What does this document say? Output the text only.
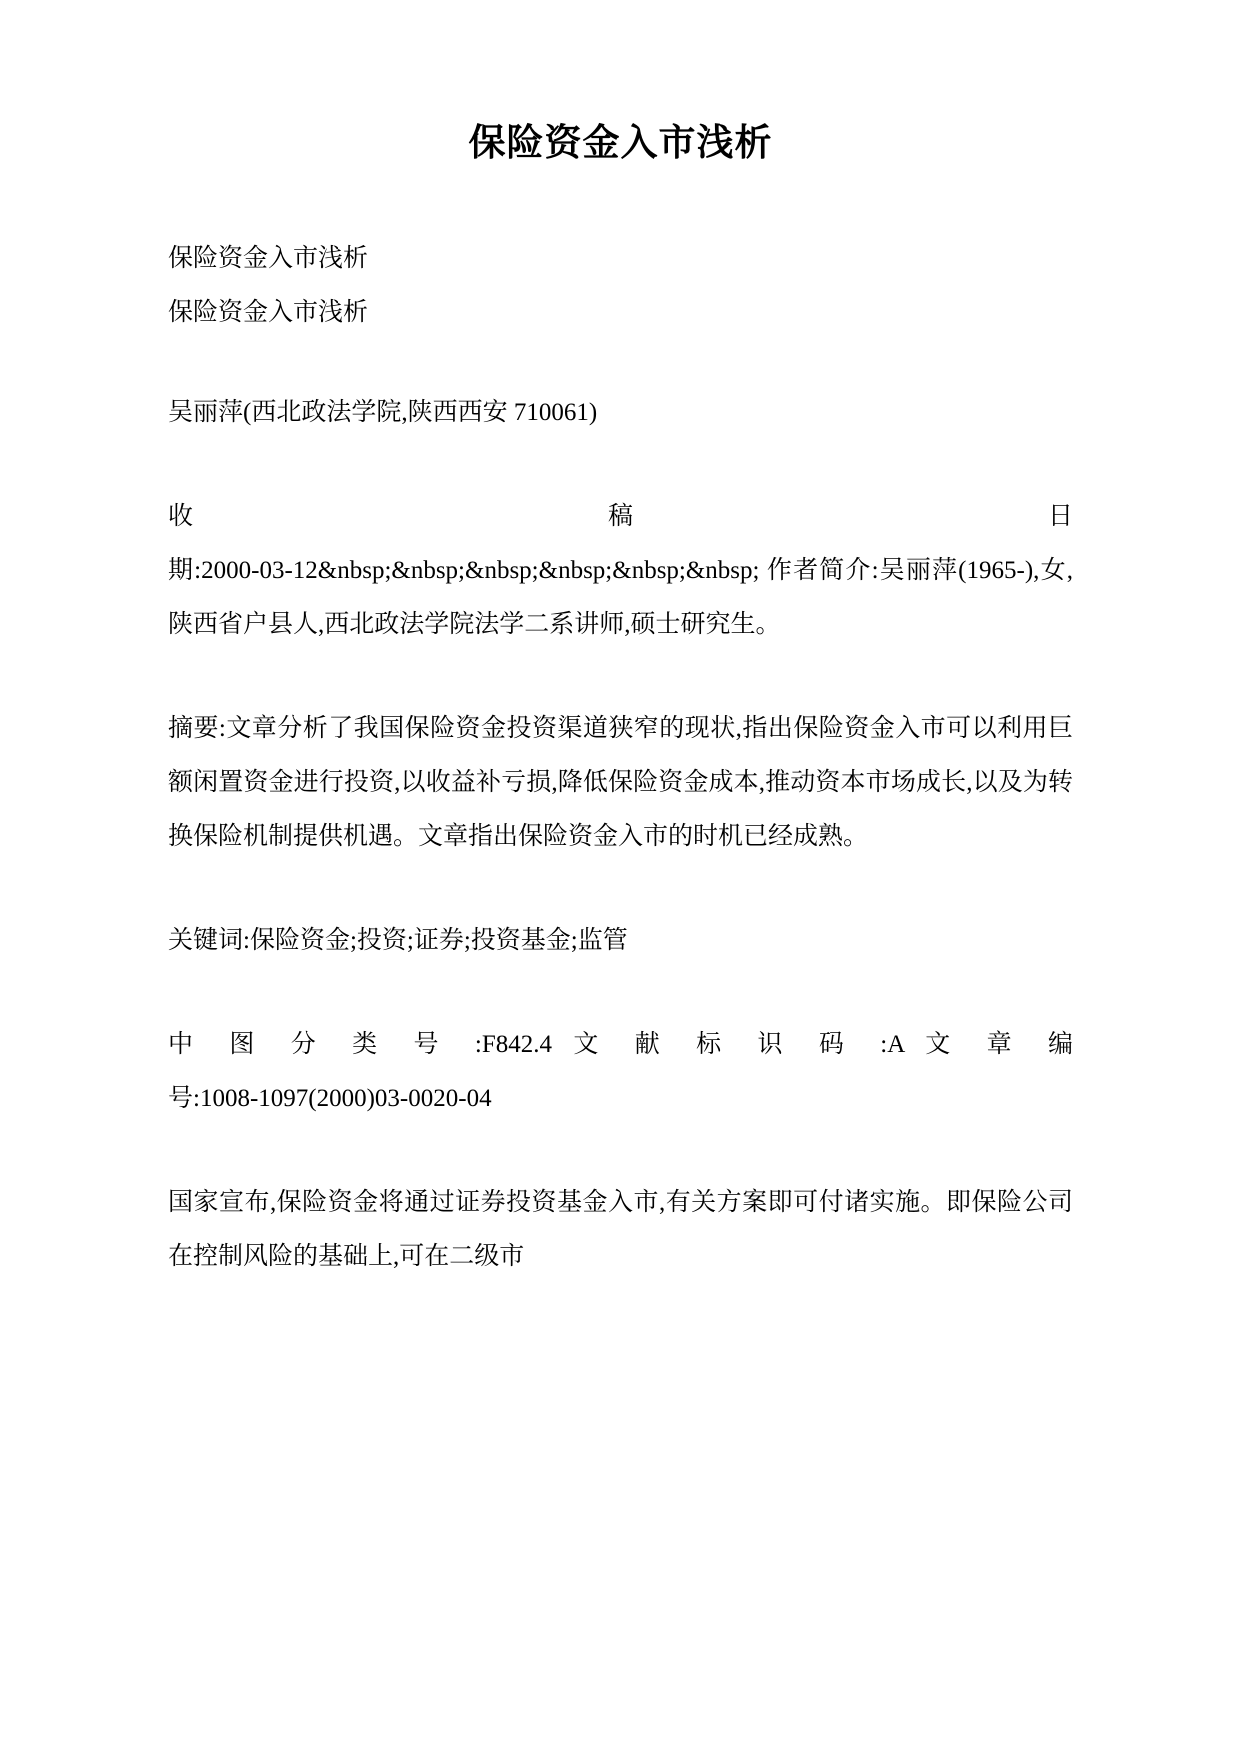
保险资金入市浅析

保险资金入市浅析

保险资金入市浅析

吴丽萍(西北政法学院,陕西西安 710061)

收　　　　　　　　　　稿　　　　　　　　　　日

期:2000-03-12&nbsp;&nbsp;&nbsp;&nbsp;&nbsp;&nbsp; 作者简介:吴丽萍(1965-),女,陕西省户县人,西北政法学院法学二系讲师,硕士研究生。

摘要:文章分析了我国保险资金投资渠道狭窄的现状,指出保险资金入市可以利用巨额闲置资金进行投资,以收益补亏损,降低保险资金成本,推动资本市场成长,以及为转换保险机制提供机遇。文章指出保险资金入市的时机已经成熟。

关键词:保险资金;投资;证券;投资基金;监管

中 图 分 类 号 :F842.4 文 献 标 识 码 :A 文 章 编

号:1008-1097(2000)03-0020-04

国家宣布,保险资金将通过证券投资基金入市,有关方案即可付诸实施。即保险公司在控制风险的基础上,可在二级市
